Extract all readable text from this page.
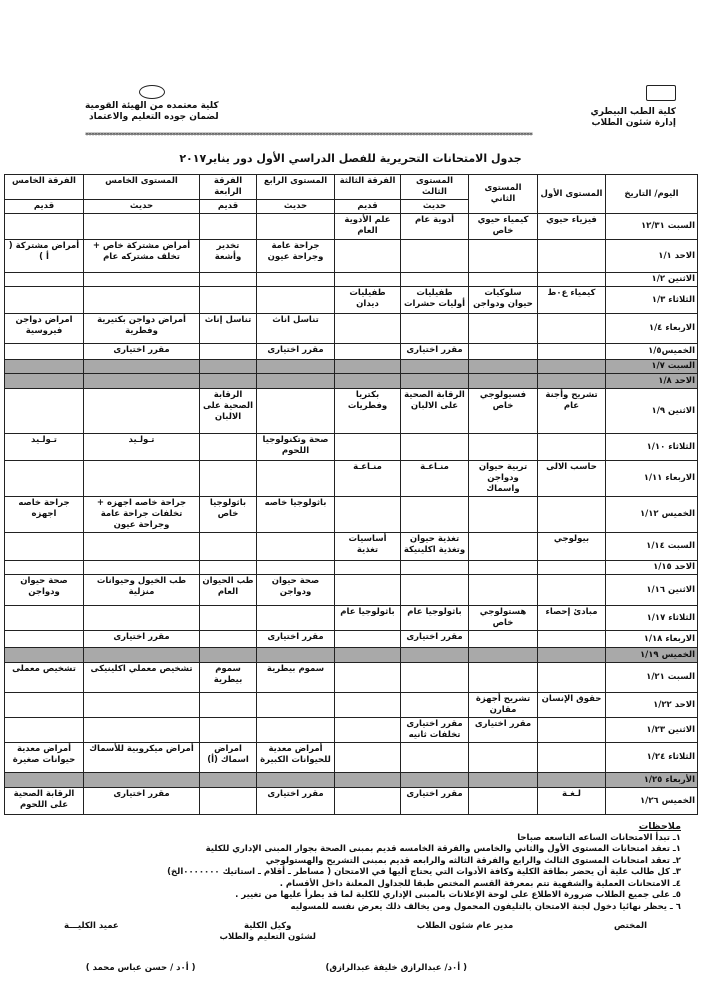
كلية الطب البيطري
إدارة شئون الطلاب
كلية معتمده من الهيئة القومية
لضمان جوده التعليم والاعتماد
*****************************************************************************************************************************************************
جدول الامتحانات التحريرية للفصل الدراسي الأول دور يناير٢٠١٧
اليوم/ التاريخ	المستوى الأول	المستوى الثاني	المستوى الثالث	الفرقة الثالثة	المستوى الرابع	الفرقة الرابعة	المستوى الخامس	الفرقة الخامس
			حديث	قديم	حديث	قديم	حديث	قديم
السبت ١٢/٣١	فيزياء حيوي	كيمياء حيوي خاص	أدوية عام	علم الأدوية العام				
الاحد ١/١					جراحة عامة وجراحة عيون	تخدير وأشعة	أمراض مشتركة خاص + تخلف مشتركه عام	أمراض مشتركة ( أ )
الاثنين ١/٢								
الثلاثاء ١/٣	كيمياء ع٠ط	سلوكيات حيوان ودواجن	طفيليات أوليات حشرات	طفيليات ديدان				
الاربعاء ١/٤					تناسل اناث	تناسل إناث	أمراض دواجن بكتيرية وفطرية	امراض دواجن فيروسية
الخميس١/٥			مقرر اختيارى		مقرر اختيارى		مقرر اختيارى	
السبت ١/٧								
الاحد ١/٨								
الاثنين ١/٩	تشريح وأجنة عام	فسيولوجي خاص	الرقابة الصحية على الالبان	بكتريا وفطريات		الرقابة الصحية على الالبان		
الثلاثاء ١/١٠					صحة وتكنولوجيا اللحوم		تـولـيد	تـولـيد
الاربعاء ١/١١	حاسب الالى	تربية حيوان ودواجن واسماك	منـاعـة	منـاعـة				
الخميس ١/١٢					باثولوجيا خاصه	باثولوجيا خاص	جراحة خاصه اجهزه + تخلفات جراحة عامة وجراحة عيون	جراحة خاصه اجهزه
السبت ١/١٤	بيولوجي		تغذية حيوان وتغذية اكلينيكة	أساسيات تغذية				
الاحد ١/١٥								
الاثنين ١/١٦					صحة حيوان ودواجن	طب الحيوان العام	طب الخيول وحيوانات منزلية	صحة حيوان ودواجن
الثلاثاء ١/١٧	مبادئ إحصاء	هستولوجي خاص	باثولوجيا عام	باثولوجيا عام				
الاربعاء ١/١٨			مقرر اختيارى		مقرر اختيارى		مقرر اختيارى	
الخميس ١/١٩								
السبت ١/٢١					سموم بيطرية	سموم بيطرية	تشخيص معملي اكلينيكى	تشخيص معملى
الاحد ١/٢٢	حقوق الإنسان	تشريح أجهزة مقارن						
الاثنين ١/٢٣		مقرر اختيارى	مقرر اختيارى تخلفات ثانيه					
الثلاثاء ١/٢٤					أمراض معدية للحيوانات الكبيرة	امراض اسماك (أ)	أمراض ميكروبية للأسماك	أمراض معدية حيوانات صغيرة
الأربعاء ١/٢٥								
الخميس ١/٢٦	لـغـة		مقرر اختيارى		مقرر اختيارى		مقرر اختيارى	الرقابة الصحية على اللحوم
ملاحظات
١ـ تبدأ الامتحانات الساعه التاسعه صباحا
١ـ تعقد امتحانات المستوى الأول والثاني والخامس والفرقة الخامسه قديم بمبنى الصحة بجوار المبنى الإداري للكلية
٢ـ تعقد امتحانات المستوى الثالث والرابع والفرقة الثالثه والرابعه قديم بمبنى التشريح والهستولوجي
٣ـ كل طالب علية أن يحضر بطاقة الكلية وكافة الأدوات التي يحتاج أليها في الامتحان ( مساطر ـ أقلام ـ استاتيك ٠٠٠٠٠٠٠الخ)
٤ـ الامتحانات العملية والشفهية تتم بمعرفة القسم المختص طبقا للجداول المعلنة داخل الأقسام .
٥ـ على جميع الطلاب ضرورة الاطلاع على لوحة الإعلانات بالمبنى الإداري للكلية لما قد يطرأ عليها من تغيير .
٦ ـ يحظر نهائيا دخول لجنة الامتحان بالتليفون المحمول ومن يخالف ذلك يعرض نفسه للمسوليه
المختص
مدير عام شئون الطلاب
وكيل الكلية
لشئون التعليم والطلاب
عميد الكليـــة
( أ٠د/ عبدالرازق خليفة عبدالرازق)
( أ٠د / حسن عباس محمد )
